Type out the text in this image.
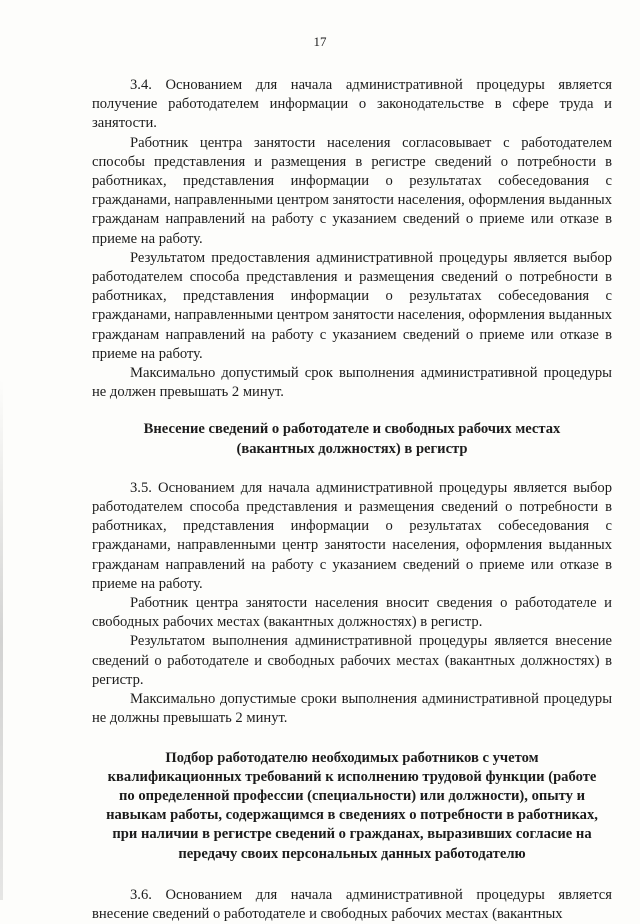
17

3.4. Основанием для начала административной процедуры является получение работодателем информации о законодательстве в сфере труда и занятости.

Работник центра занятости населения согласовывает с работодателем способы представления и размещения в регистре сведений о потребности в работниках, представления информации о результатах собеседования с гражданами, направленными центром занятости населения, оформления выданных гражданам направлений на работу с указанием сведений о приеме или отказе в приеме на работу.

Результатом предоставления административной процедуры является выбор работодателем способа представления и размещения сведений о потребности в работниках, представления информации о результатах собеседования с гражданами, направленными центром занятости населения, оформления выданных гражданам направлений на работу с указанием сведений о приеме или отказе в приеме на работу.

Максимально допустимый срок выполнения административной процедуры не должен превышать 2 минут.

Внесение сведений о работодателе и свободных рабочих местах
(вакантных должностях) в регистр

3.5. Основанием для начала административной процедуры является выбор работодателем способа представления и размещения сведений о потребности в работниках, представления информации о результатах собеседования с гражданами, направленными центр занятости населения, оформления выданных гражданам направлений на работу с указанием сведений о приеме или отказе в приеме на работу.

Работник центра занятости населения вносит сведения о работодателе и свободных рабочих местах (вакантных должностях) в регистр.

Результатом выполнения административной процедуры является внесение сведений о работодателе и свободных рабочих местах (вакантных должностях) в регистр.

Максимально допустимые сроки выполнения административной процедуры не должны превышать 2 минут.

Подбор работодателю необходимых работников с учетом
квалификационных требований к исполнению трудовой функции (работе
по определенной профессии (специальности) или должности), опыту и
навыкам работы, содержащимся в сведениях о потребности в работниках,
при наличии в регистре сведений о гражданах, выразивших согласие на
передачу своих персональных данных работодателю

3.6. Основанием для начала административной процедуры является внесение сведений о работодателе и свободных рабочих местах (вакантных
